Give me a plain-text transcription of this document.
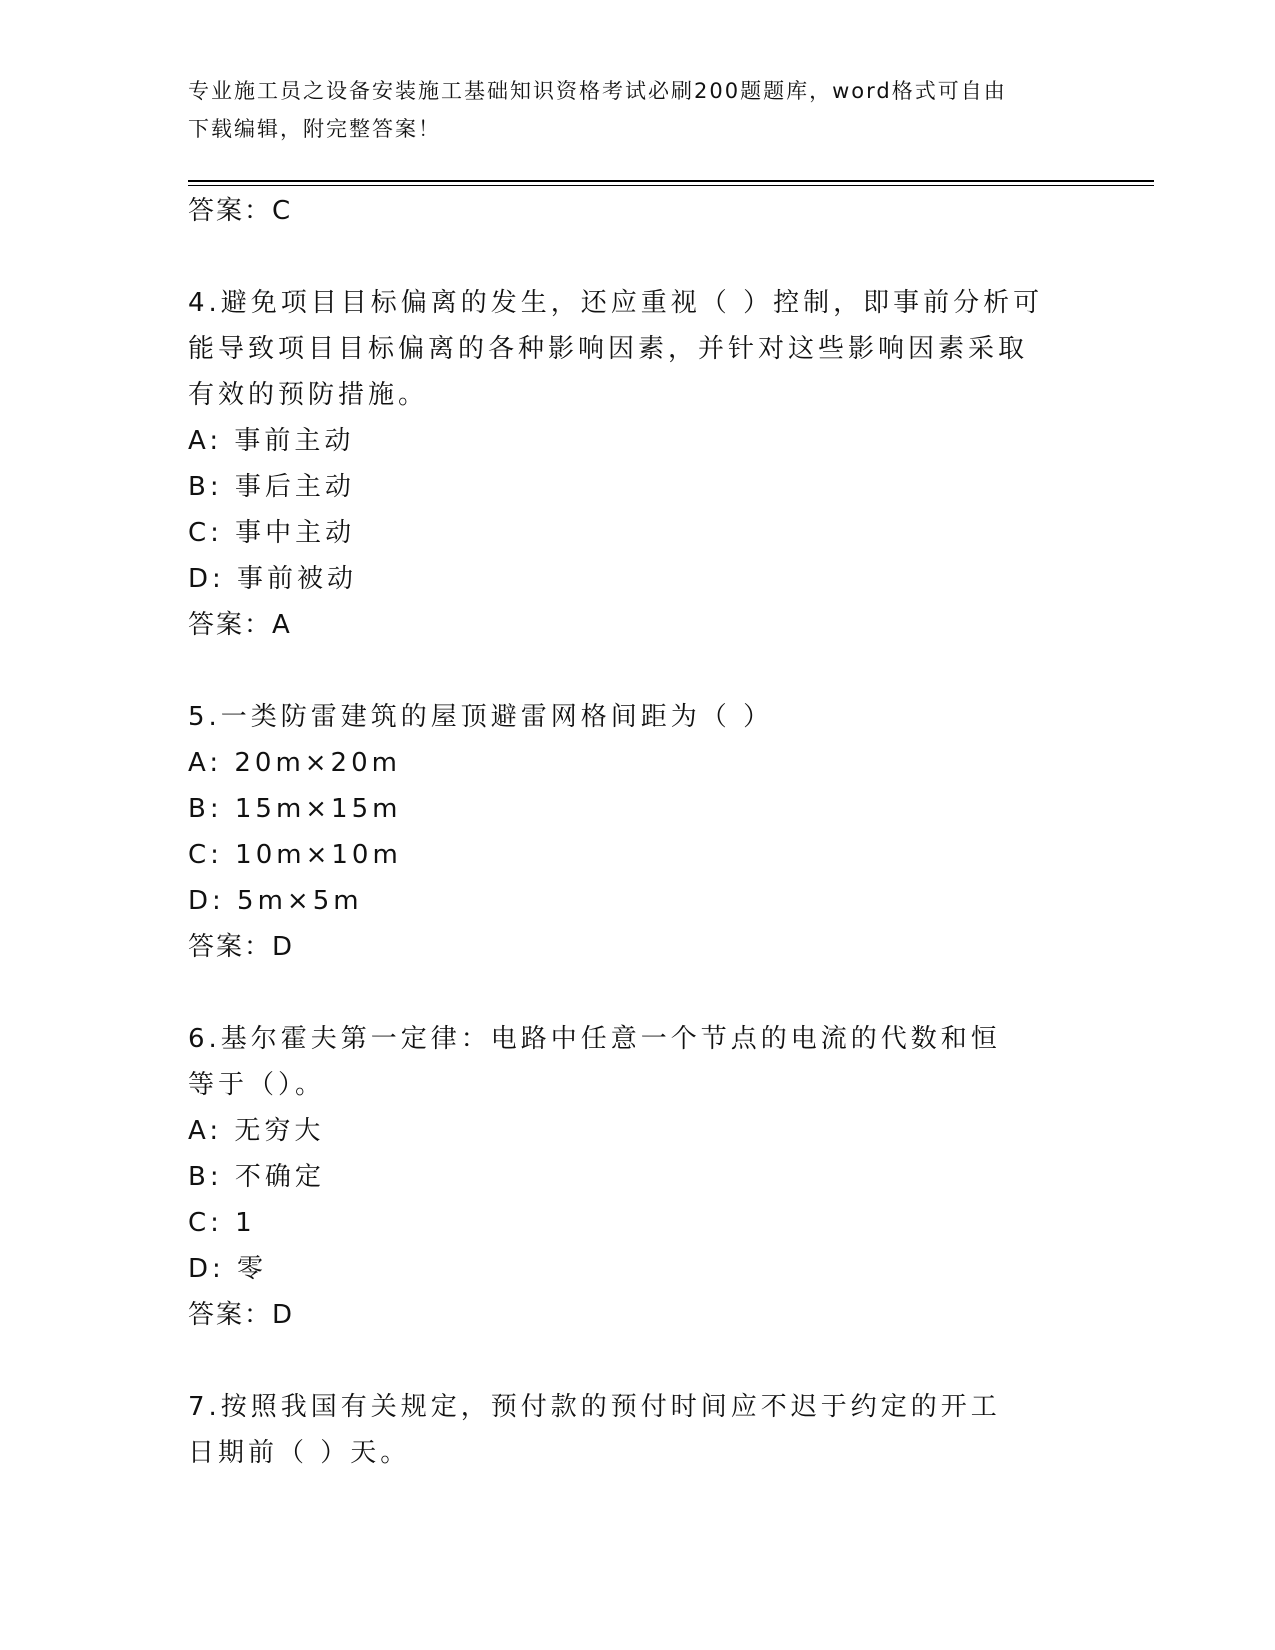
专业施工员之设备安装施工基础知识资格考试必刷200题题库，word格式可自由
下载编辑，附完整答案！
答案：C
4.避免项目目标偏离的发生，还应重视（ ）控制，即事前分析可能导致项目目标偏离的各种影响因素，并针对这些影响因素采取有效的预防措施。
A: 事前主动
B: 事后主动
C: 事中主动
D: 事前被动
答案：A
5.一类防雷建筑的屋顶避雷网格间距为（ ）
A: 20m×20m
B: 15m×15m
C: 10m×10m
D: 5m×5m
答案：D
6.基尔霍夫第一定律：电路中任意一个节点的电流的代数和恒等于（）。
A: 无穷大
B: 不确定
C: 1
D: 零
答案：D
7.按照我国有关规定，预付款的预付时间应不迟于约定的开工日期前（ ）天。
